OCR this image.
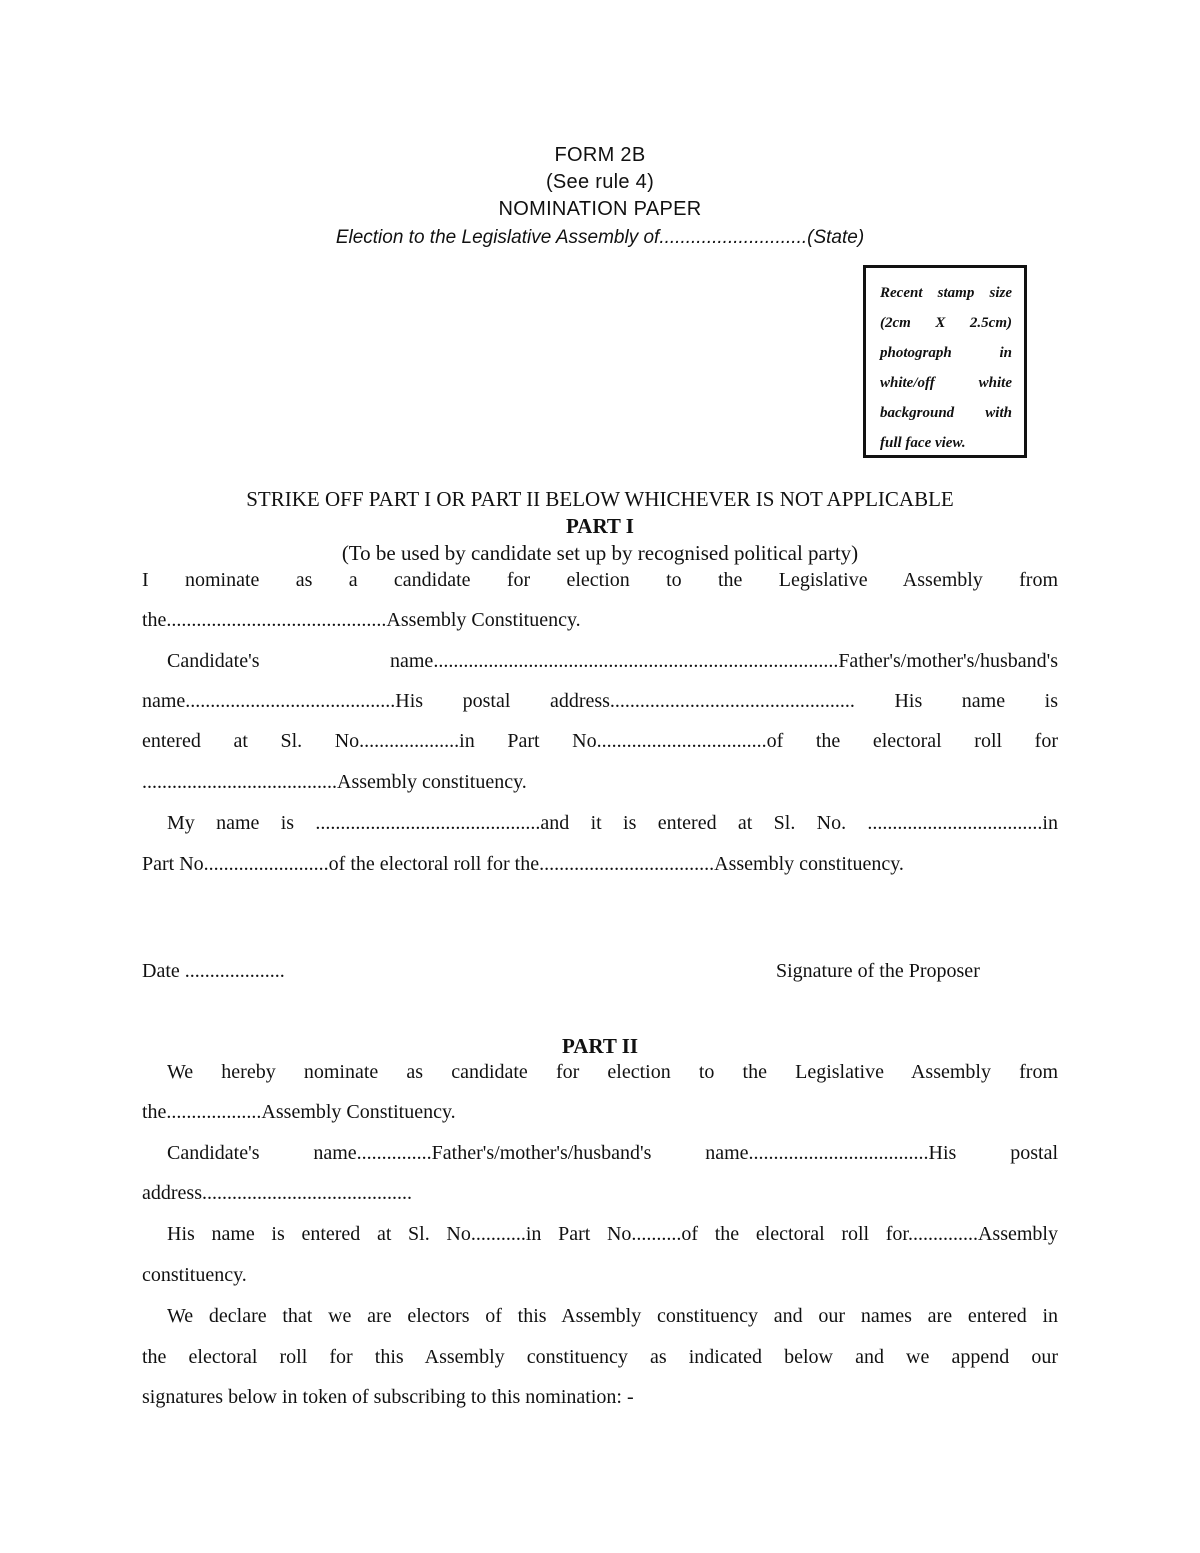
FORM 2B
(See rule 4)
NOMINATION PAPER
Election to the Legislative Assembly of............................(State)

Recent stamp size

(2cm X 2.5cm)

photograph in

white/off white

background with

full face view.

STRIKE OFF PART I OR PART II BELOW WHICHEVER IS NOT APPLICABLE
PART I
(To be used by candidate set up by recognised political party)
I nominate as a candidate for election to the Legislative Assembly from
the............................................Assembly Constituency.
Candidate's name.................................................................................Father's/mother's/husband's
name..........................................His postal address................................................. His name is
entered at Sl. No....................in Part No..................................of the electoral roll for
.......................................Assembly constituency.
My name is .............................................and it is entered at Sl. No. ...................................in
Part No.........................of the electoral roll for the...................................Assembly constituency.
Date ....................	Signature of the Proposer
PART II
We hereby nominate as candidate for election to the Legislative Assembly from
the...................Assembly Constituency.
Candidate's name...............Father's/mother's/husband's name....................................His postal
address..........................................
His name is entered at Sl. No...........in Part No..........of the electoral roll for..............Assembly
constituency.
We declare that we are electors of this Assembly constituency and our names are entered in
the electoral roll for this Assembly constituency as indicated below and we append our
signatures below in token of subscribing to this nomination: -
